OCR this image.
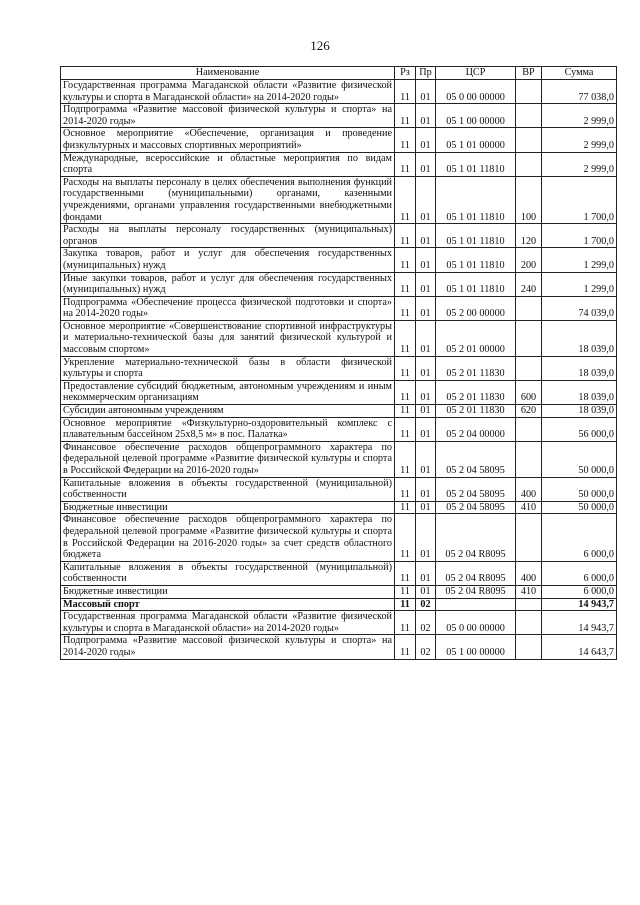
126
Наименование	Рз	Пр	ЦСР	ВР	Сумма
Государственная программа Магаданской области «Развитие физической культуры и спорта в Магаданской области» на 2014-2020 годы»	11	01	05 0 00 00000		77 038,0
Подпрограмма «Развитие массовой физической культуры и спорта» на 2014-2020 годы»	11	01	05 1 00 00000		2 999,0
Основное мероприятие «Обеспечение, организация и проведение физкультурных и массовых спортивных мероприятий»	11	01	05 1 01 00000		2 999,0
Международные, всероссийские и областные мероприятия по видам спорта	11	01	05 1 01 11810		2 999,0
Расходы на выплаты персоналу в целях обеспечения выполнения функций государственными (муниципальными) органами, казенными учреждениями, органами управления государственными внебюджетными фондами	11	01	05 1 01 11810	100	1 700,0
Расходы на выплаты персоналу государственных (муниципальных) органов	11	01	05 1 01 11810	120	1 700,0
Закупка товаров, работ и услуг для обеспечения государственных (муниципальных) нужд	11	01	05 1 01 11810	200	1 299,0
Иные закупки товаров, работ и услуг для обеспечения государственных (муниципальных) нужд	11	01	05 1 01 11810	240	1 299,0
Подпрограмма «Обеспечение процесса физической подготовки и спорта» на 2014-2020 годы»	11	01	05 2 00 00000		74 039,0
Основное мероприятие «Совершенствование спортивной инфраструктуры и материально-технической базы для занятий физической культурой и массовым спортом»	11	01	05 2 01 00000		18 039,0
Укрепление материально-технической базы в области физической культуры и спорта	11	01	05 2 01 11830		18 039,0
Предоставление субсидий бюджетным, автономным учреждениям и иным некоммерческим организациям	11	01	05 2 01 11830	600	18 039,0
Субсидии автономным учреждениям	11	01	05 2 01 11830	620	18 039,0
Основное мероприятие «Физкультурно-оздоровительный комплекс с плавательным бассейном 25х8,5 м» в пос. Палатка»	11	01	05 2 04 00000		56 000,0
Финансовое обеспечение расходов общепрограммного характера по федеральной целевой программе «Развитие физической культуры и спорта в Российской Федерации на 2016-2020 годы»	11	01	05 2 04 58095		50 000,0
Капитальные вложения в объекты государственной (муниципальной) собственности	11	01	05 2 04 58095	400	50 000,0
Бюджетные инвестиции	11	01	05 2 04 58095	410	50 000,0
Финансовое обеспечение расходов общепрограммного характера по федеральной целевой программе «Развитие физической культуры и спорта в Российской Федерации на 2016-2020 годы» за счет средств областного бюджета	11	01	05 2 04 R8095		6 000,0
Капитальные вложения в объекты государственной (муниципальной) собственности	11	01	05 2 04 R8095	400	6 000,0
Бюджетные инвестиции	11	01	05 2 04 R8095	410	6 000,0
Массовый спорт	11	02			14 943,7
Государственная программа Магаданской области «Развитие физической культуры и спорта в Магаданской области» на 2014-2020 годы»	11	02	05 0 00 00000		14 943,7
Подпрограмма «Развитие массовой физической культуры и спорта» на 2014-2020 годы»	11	02	05 1 00 00000		14 643,7
